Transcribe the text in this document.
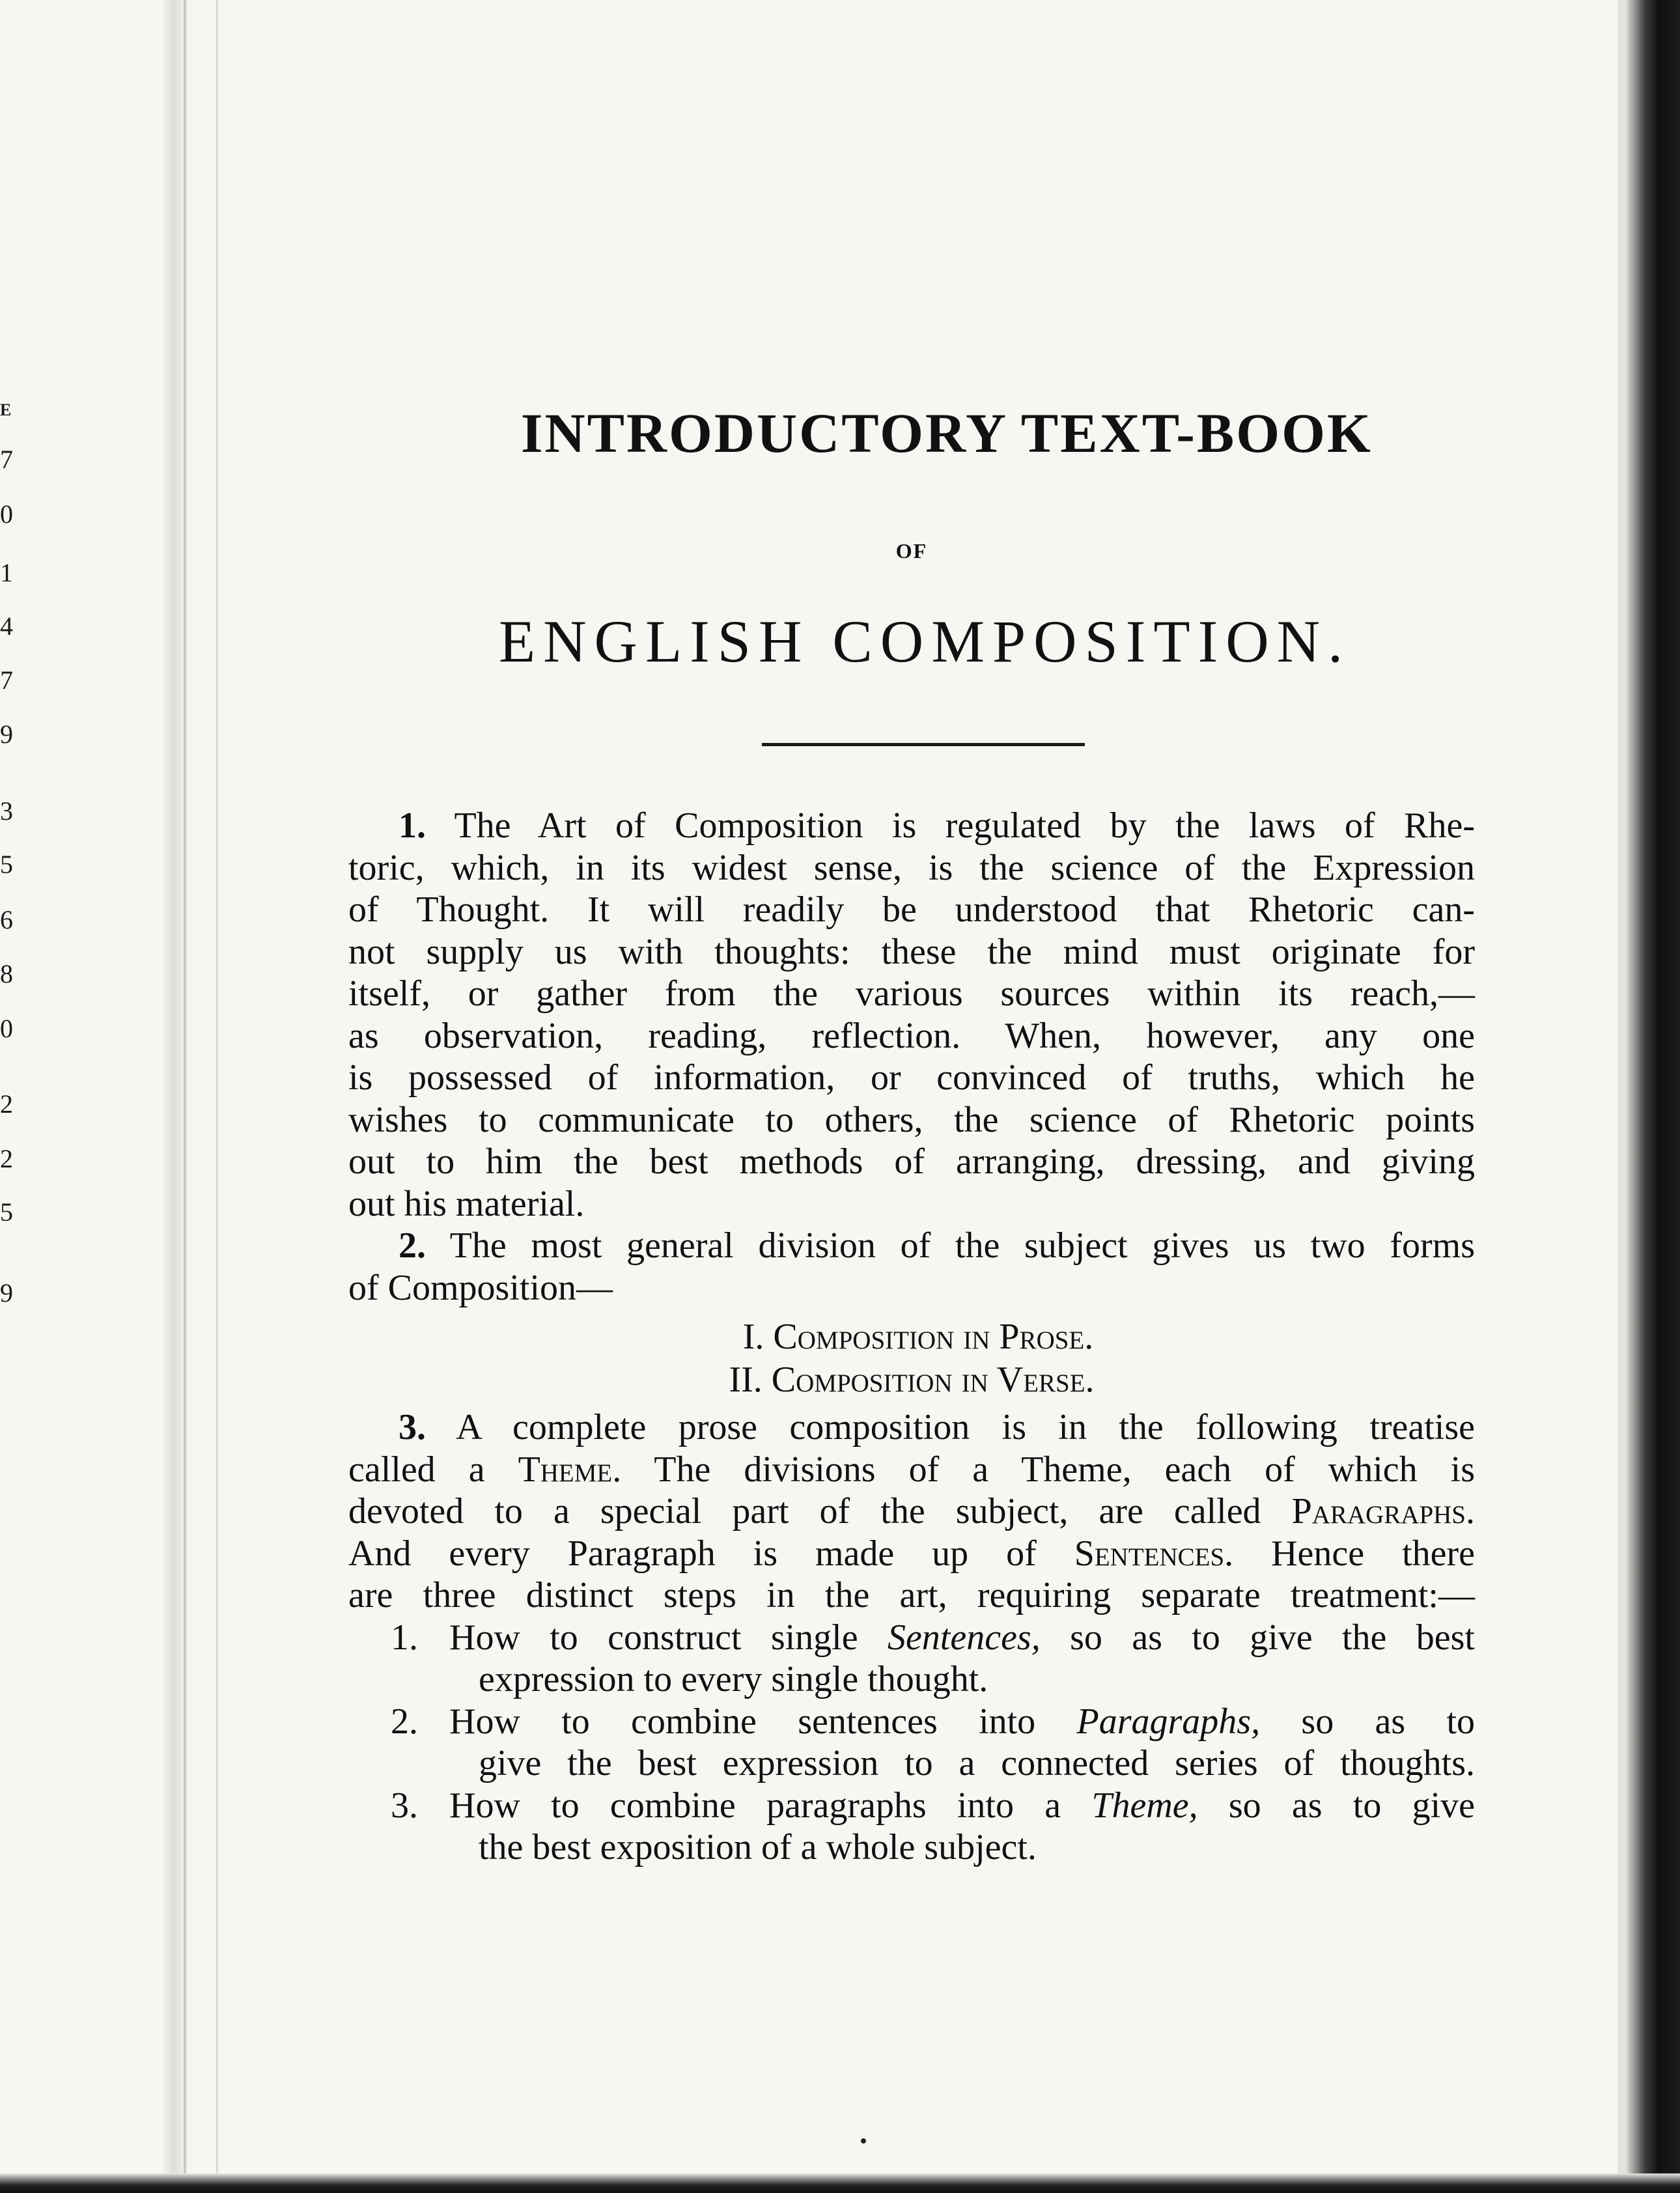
E
7
0
1
4
7
9
3
5
6
8
0
2
2
5
9
INTRODUCTORY TEXT-BOOK
OF
ENGLISH COMPOSITION.
1. The Art of Composition is regulated by the laws of Rhe-
toric, which, in its widest sense, is the science of the Expression
of Thought. It will readily be understood that Rhetoric can-
not supply us with thoughts: these the mind must originate for
itself, or gather from the various sources within its reach,—
as observation, reading, reflection. When, however, any one
is possessed of information, or convinced of truths, which he
wishes to communicate to others, the science of Rhetoric points
out to him the best methods of arranging, dressing, and giving
out his material.
2. The most general division of the subject gives us two forms
of Composition—
I. Composition in Prose.
II. Composition in Verse.
3. A complete prose composition is in the following treatise
called a Theme. The divisions of a Theme, each of which is
devoted to a special part of the subject, are called Paragraphs.
And every Paragraph is made up of Sentences. Hence there
are three distinct steps in the art, requiring separate treatment:—
1. How to construct single Sentences, so as to give the best
expression to every single thought.
2. How to combine sentences into Paragraphs, so as to
give the best expression to a connected series of thoughts.
3. How to combine paragraphs into a Theme, so as to give
the best exposition of a whole subject.
